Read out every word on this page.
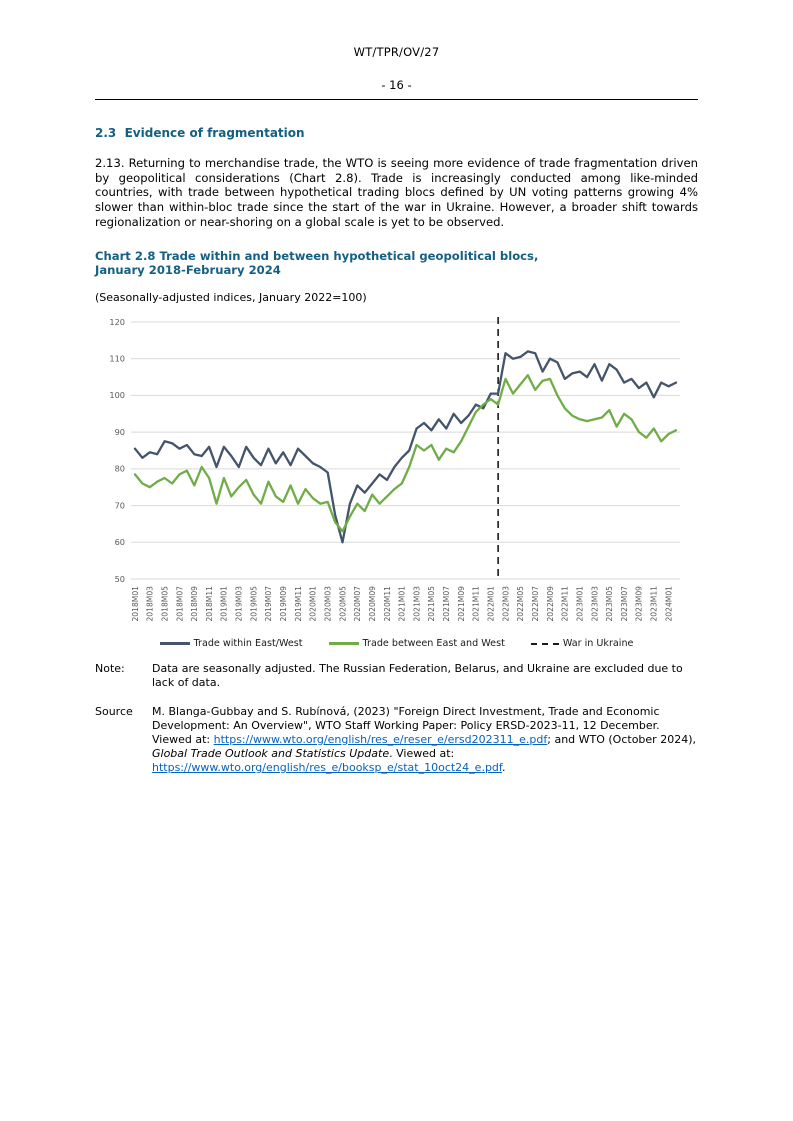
WT/TPR/OV/27
- 16 -
2.3  Evidence of fragmentation
2.13. Returning to merchandise trade, the WTO is seeing more evidence of trade fragmentation driven by geopolitical considerations (Chart 2.8). Trade is increasingly conducted among like-minded countries, with trade between hypothetical trading blocs defined by UN voting patterns growing 4% slower than within-bloc trade since the start of the war in Ukraine. However, a broader shift towards regionalization or near-shoring on a global scale is yet to be observed.
Chart 2.8 Trade within and between hypothetical geopolitical blocs,
January 2018-February 2024
(Seasonally-adjusted indices, January 2022=100)
50
60
70
80
90
100
110
120
2018M01 2018M03 2018M05 2018M07 2018M09 2018M11 2019M01 2019M03 2019M05 2019M07 2019M09 2019M11 2020M01 2020M03 2020M05 2020M07 2020M09 2020M11 2021M01 2021M03 2021M05 2021M07 2021M09 2021M11 2022M01 2022M03 2022M05 2022M07 2022M09 2022M11 2023M01 2023M03 2023M05 2023M07 2023M09 2023M11 2024M01
Trade within East/West	Trade between East and West	War in Ukraine
Note:	Data are seasonally adjusted. The Russian Federation, Belarus, and Ukraine are excluded due to lack of data.
Source	M. Blanga-Gubbay and S. Rubínová, (2023) "Foreign Direct Investment, Trade and Economic Development: An Overview", WTO Staff Working Paper: Policy ERSD-2023-11, 12 December. Viewed at: https://www.wto.org/english/res_e/reser_e/ersd202311_e.pdf; and WTO (October 2024), Global Trade Outlook and Statistics Update. Viewed at: https://www.wto.org/english/res_e/booksp_e/stat_10oct24_e.pdf.
